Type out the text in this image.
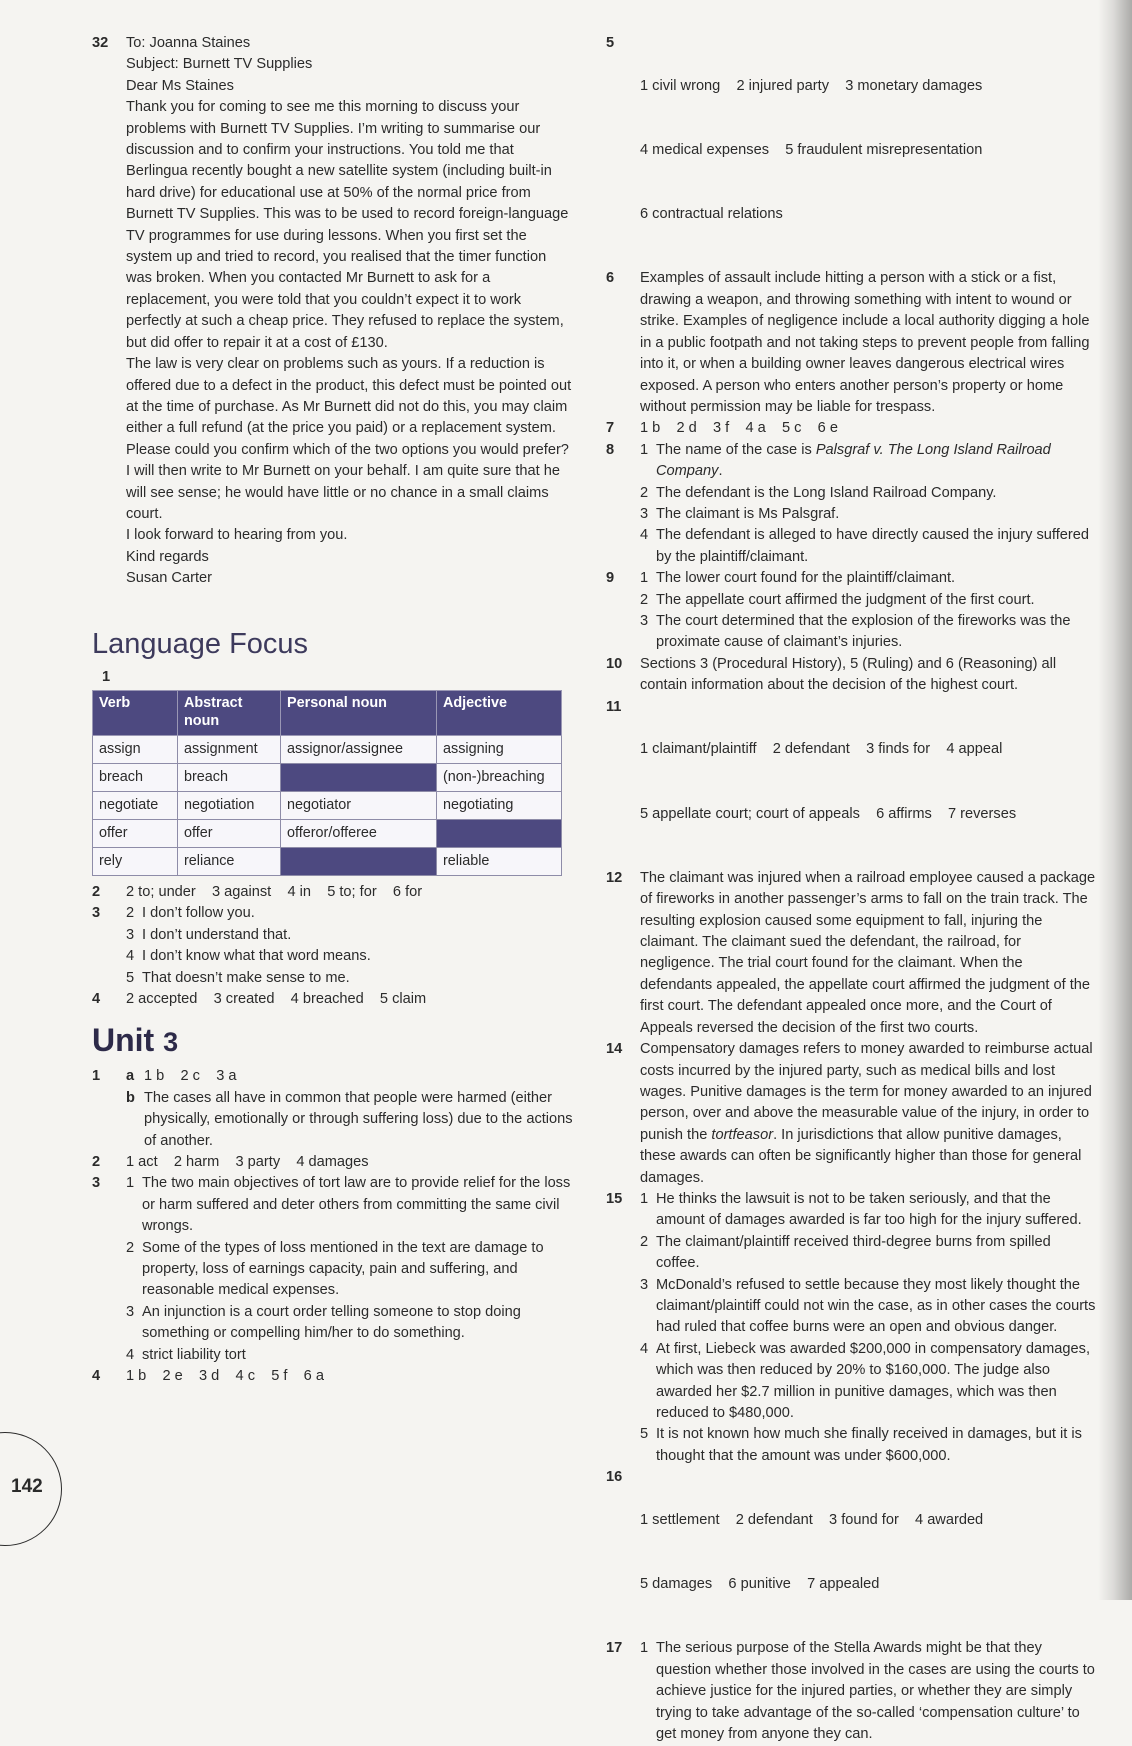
32	To: Joanna Staines
Subject: Burnett TV Supplies
Dear Ms Staines
Thank you for coming to see me this morning to discuss your problems with Burnett TV Supplies. I’m writing to summarise our discussion and to confirm your instructions. You told me that Berlingua recently bought a new satellite system (including built-in hard drive) for educational use at 50% of the normal price from Burnett TV Supplies. This was to be used to record foreign-language TV programmes for use during lessons. When you first set the system up and tried to record, you realised that the timer function was broken. When you contacted Mr Burnett to ask for a replacement, you were told that you couldn’t expect it to work perfectly at such a cheap price. They refused to replace the system, but did offer to repair it at a cost of £130.
The law is very clear on problems such as yours. If a reduction is offered due to a defect in the product, this defect must be pointed out at the time of purchase. As Mr Burnett did not do this, you may claim either a full refund (at the price you paid) or a replacement system.
Please could you confirm which of the two options you would prefer? I will then write to Mr Burnett on your behalf. I am quite sure that he will see sense; he would have little or no chance in a small claims court.
I look forward to hearing from you.
Kind regards
Susan Carter
Language Focus
1
Verb	Abstract noun	Personal noun	Adjective
assign	assignment	assignor/assignee	assigning
breach	breach		(non-)breaching
negotiate	negotiation	negotiator	negotiating
offer	offer	offeror/offeree	
rely	reliance		reliable
2	2 to; under    3 against    4 in    5 to; for    6 for
3	2 I don’t follow you.
3 I don’t understand that.
4 I don’t know what that word means.
5 That doesn’t make sense to me.
4	2 accepted    3 created    4 breached    5 claim
Unit 3
1	a 1 b    2 c    3 a
b The cases all have in common that people were harmed (either physically, emotionally or through suffering loss) due to the actions of another.
2	1 act    2 harm    3 party    4 damages
3	1 The two main objectives of tort law are to provide relief for the loss or harm suffered and deter others from committing the same civil wrongs.
2 Some of the types of loss mentioned in the text are damage to property, loss of earnings capacity, pain and suffering, and reasonable medical expenses.
3 An injunction is a court order telling someone to stop doing something or compelling him/her to do something.
4 strict liability tort
4	1 b    2 e    3 d    4 c    5 f    6 a
5

1 civil wrong    2 injured party    3 monetary damages

4 medical expenses    5 fraudulent misrepresentation

6 contractual relations

6	Examples of assault include hitting a person with a stick or a fist, drawing a weapon, and throwing something with intent to wound or strike. Examples of negligence include a local authority digging a hole in a public footpath and not taking steps to prevent people from falling into it, or when a building owner leaves dangerous electrical wires exposed. A person who enters another person’s property or home without permission may be liable for trespass.
7	1 b    2 d    3 f    4 a    5 c    6 e
8	1 The name of the case is Palsgraf v. The Long Island Railroad Company.
2 The defendant is the Long Island Railroad Company.
3 The claimant is Ms Palsgraf.
4 The defendant is alleged to have directly caused the injury suffered by the plaintiff/claimant.
9	1 The lower court found for the plaintiff/claimant.
2 The appellate court affirmed the judgment of the first court.
3 The court determined that the explosion of the fireworks was the proximate cause of claimant’s injuries.
10	Sections 3 (Procedural History), 5 (Ruling) and 6 (Reasoning) all contain information about the decision of the highest court.
11

1 claimant/plaintiff    2 defendant    3 finds for    4 appeal

5 appellate court; court of appeals    6 affirms    7 reverses

12	The claimant was injured when a railroad employee caused a package of fireworks in another passenger’s arms to fall on the train track. The resulting explosion caused some equipment to fall, injuring the claimant. The claimant sued the defendant, the railroad, for negligence. The trial court found for the claimant. When the defendants appealed, the appellate court affirmed the judgment of the first court. The defendant appealed once more, and the Court of Appeals reversed the decision of the first two courts.
14	Compensatory damages refers to money awarded to reimburse actual costs incurred by the injured party, such as medical bills and lost wages. Punitive damages is the term for money awarded to an injured person, over and above the measurable value of the injury, in order to punish the tortfeasor. In jurisdictions that allow punitive damages, these awards can often be significantly higher than those for general damages.
15	1 He thinks the lawsuit is not to be taken seriously, and that the amount of damages awarded is far too high for the injury suffered.
2 The claimant/plaintiff received third-degree burns from spilled coffee.
3 McDonald’s refused to settle because they most likely thought the claimant/plaintiff could not win the case, as in other cases the courts had ruled that coffee burns were an open and obvious danger.
4 At first, Liebeck was awarded $200,000 in compensatory damages, which was then reduced by 20% to $160,000. The judge also awarded her $2.7 million in punitive damages, which was then reduced to $480,000.
5 It is not known how much she finally received in damages, but it is thought that the amount was under $600,000.
16

1 settlement    2 defendant    3 found for    4 awarded

5 damages    6 punitive    7 appealed

17	1 The serious purpose of the Stella Awards might be that they question whether those involved in the cases are using the courts to achieve justice for the injured parties, or whether they are simply trying to take advantage of the so-called ‘compensation culture’ to get money from anyone they can.
142
